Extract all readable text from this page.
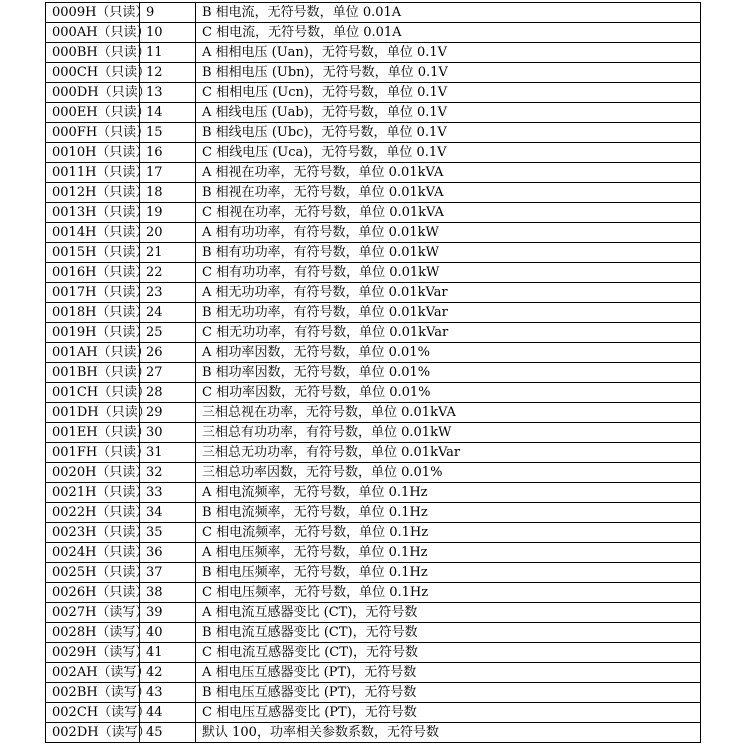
0009H（只读）	9	B 相电流，无符号数，单位 0.01A
000AH（只读）	10	C 相电流，无符号数，单位 0.01A
000BH（只读）	11	A 相相电压 (Uan)，无符号数，单位 0.1V
000CH（只读）	12	B 相相电压 (Ubn)，无符号数，单位 0.1V
000DH（只读）	13	C 相相电压 (Ucn)，无符号数，单位 0.1V
000EH（只读）	14	A 相线电压 (Uab)，无符号数，单位 0.1V
000FH（只读）	15	B 相线电压 (Ubc)，无符号数，单位 0.1V
0010H（只读）	16	C 相线电压 (Uca)，无符号数，单位 0.1V
0011H（只读）	17	A 相视在功率，无符号数，单位 0.01kVA
0012H（只读）	18	B 相视在功率，无符号数，单位 0.01kVA
0013H（只读）	19	C 相视在功率，无符号数，单位 0.01kVA
0014H（只读）	20	A 相有功功率，有符号数，单位 0.01kW
0015H（只读）	21	B 相有功功率，有符号数，单位 0.01kW
0016H（只读）	22	C 相有功功率，有符号数，单位 0.01kW
0017H（只读）	23	A 相无功功率，有符号数，单位 0.01kVar
0018H（只读）	24	B 相无功功率，有符号数，单位 0.01kVar
0019H（只读）	25	C 相无功功率，有符号数，单位 0.01kVar
001AH（只读）	26	A 相功率因数，无符号数，单位 0.01%
001BH（只读）	27	B 相功率因数，无符号数，单位 0.01%
001CH（只读）	28	C 相功率因数，无符号数，单位 0.01%
001DH（只读）	29	三相总视在功率，无符号数，单位 0.01kVA
001EH（只读）	30	三相总有功功率，有符号数，单位 0.01kW
001FH（只读）	31	三相总无功功率，有符号数，单位 0.01kVar
0020H（只读）	32	三相总功率因数，无符号数，单位 0.01%
0021H（只读）	33	A 相电流频率，无符号数，单位 0.1Hz
0022H（只读）	34	B 相电流频率，无符号数，单位 0.1Hz
0023H（只读）	35	C 相电流频率，无符号数，单位 0.1Hz
0024H（只读）	36	A 相电压频率，无符号数，单位 0.1Hz
0025H（只读）	37	B 相电压频率，无符号数，单位 0.1Hz
0026H（只读）	38	C 相电压频率，无符号数，单位 0.1Hz
0027H（读写）	39	A 相电流互感器变比 (CT)，无符号数
0028H（读写）	40	B 相电流互感器变比 (CT)，无符号数
0029H（读写）	41	C 相电流互感器变比 (CT)，无符号数
002AH（读写）	42	A 相电压互感器变比 (PT)，无符号数
002BH（读写）	43	B 相电压互感器变比 (PT)，无符号数
002CH（读写）	44	C 相电压互感器变比 (PT)，无符号数
002DH（读写）	45	默认 100，功率相关参数系数，无符号数
